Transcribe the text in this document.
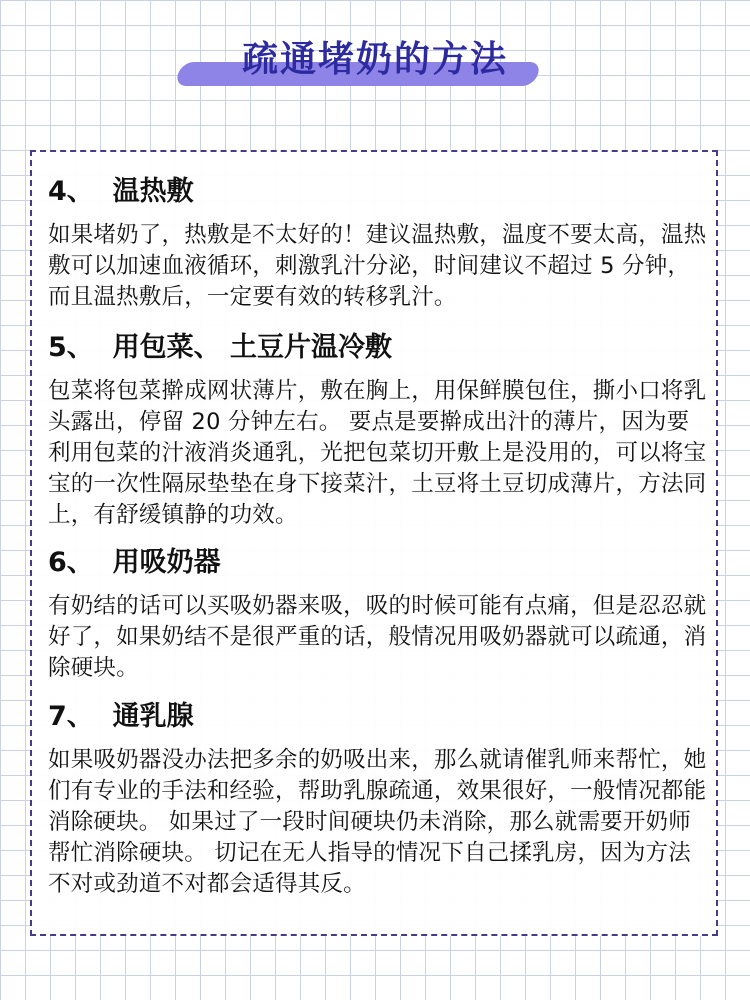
疏通堵奶的方法
4、  温热敷
如果堵奶了，热敷是不太好的！建议温热敷，温度不要太高，温热敷可以加速血液循环，刺激乳汁分泌，时间建议不超过 5 分钟，而且温热敷后，一定要有效的转移乳汁。
5、  用包菜、 土豆片温冷敷
包菜将包菜擀成网状薄片，敷在胸上，用保鲜膜包住，撕小口将乳头露出，停留 20 分钟左右。 要点是要擀成出汁的薄片，因为要利用包菜的汁液消炎通乳，光把包菜切开敷上是没用的，可以将宝宝的一次性隔尿垫垫在身下接菜汁，土豆将土豆切成薄片，方法同上，有舒缓镇静的功效。
6、  用吸奶器
有奶结的话可以买吸奶器来吸，吸的时候可能有点痛，但是忍忍就好了，如果奶结不是很严重的话，般情况用吸奶器就可以疏通，消除硬块。
7、  通乳腺
如果吸奶器没办法把多余的奶吸出来，那么就请催乳师来帮忙，她们有专业的手法和经验，帮助乳腺疏通，效果很好，一般情况都能消除硬块。 如果过了一段时间硬块仍未消除，那么就需要开奶师帮忙消除硬块。 切记在无人指导的情况下自己揉乳房，因为方法不对或劲道不对都会适得其反。
